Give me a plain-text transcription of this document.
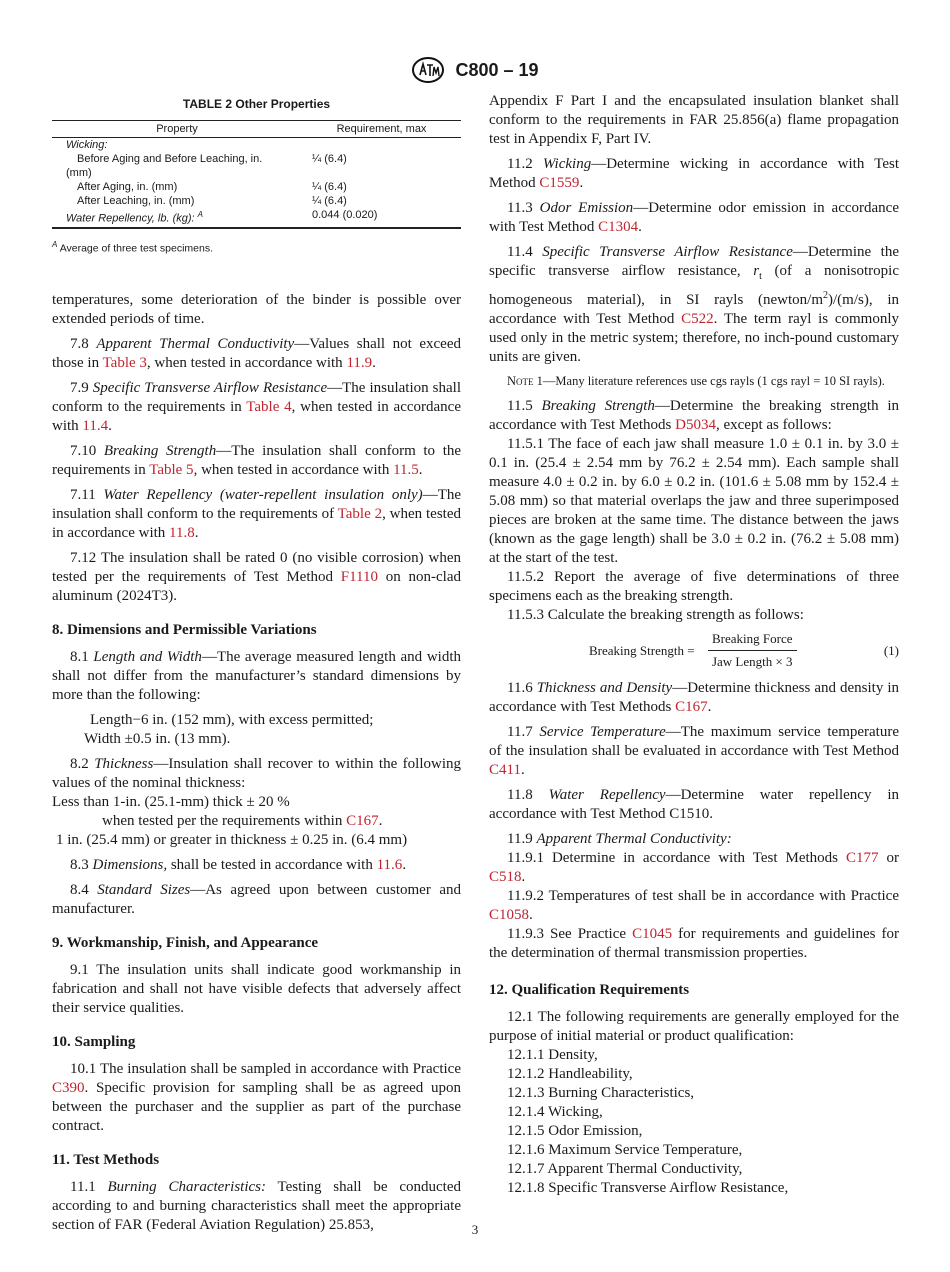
C800 – 19
TABLE 2 Other Properties
Property	Requirement, max
Wicking:	
Before Aging and Before Leaching, in.	¼ (6.4)
(mm)	
After Aging, in. (mm)	¼ (6.4)
After Leaching, in. (mm)	¼ (6.4)
Water Repellency, lb. (kg): $^A$	0.044 (0.020)
$^A$ Average of three test specimens.

temperatures, some deterioration of the binder is possible over extended periods of time.

7.8 Apparent Thermal Conductivity—Values shall not exceed those in Table 3, when tested in accordance with 11.9.

7.9 Specific Transverse Airflow Resistance—The insulation shall conform to the requirements in Table 4, when tested in accordance with 11.4.

7.10 Breaking Strength—The insulation shall conform to the requirements in Table 5, when tested in accordance with 11.5.

7.11 Water Repellency (water-repellent insulation only)—The insulation shall conform to the requirements of Table 2, when tested in accordance with 11.8.

7.12 The insulation shall be rated 0 (no visible corrosion) when tested per the requirements of Test Method F1110 on non-clad aluminum (2024T3).

8. Dimensions and Permissible Variations

8.1 Length and Width—The average measured length and width shall not differ from the manufacturer’s standard dimensions by more than the following:

Length−6 in. (152 mm), with excess permitted;
Width ±0.5 in. (13 mm).

8.2 Thickness—Insulation shall recover to within the following values of the nominal thickness:

Less than 1-in. (25.1-mm) thick ± 20 %
when tested per the requirements within C167.
1 in. (25.4 mm) or greater in thickness ± 0.25 in. (6.4 mm)

8.3 Dimensions, shall be tested in accordance with 11.6.

8.4 Standard Sizes—As agreed upon between customer and manufacturer.

9. Workmanship, Finish, and Appearance

9.1 The insulation units shall indicate good workmanship in fabrication and shall not have visible defects that adversely affect their service qualities.

10. Sampling

10.1 The insulation shall be sampled in accordance with Practice C390. Specific provision for sampling shall be as agreed upon between the purchaser and the supplier as part of the purchase contract.

11. Test Methods

11.1 Burning Characteristics: Testing shall be conducted according to and burning characteristics shall meet the appropriate section of FAR (Federal Aviation Regulation) 25.853,

Appendix F Part I and the encapsulated insulation blanket shall conform to the requirements in FAR 25.856(a) flame propagation test in Appendix F, Part IV.

11.2 Wicking—Determine wicking in accordance with Test Method C1559.

11.3 Odor Emission—Determine odor emission in accordance with Test Method C1304.

11.4 Specific Transverse Airflow Resistance—Determine the specific transverse airflow resistance, $r_t$ (of a nonisotropic homogeneous material), in SI rayls $(newton/m^2)/(m/s)$, in accordance with Test Method C522. The term rayl is commonly used only in the metric system; therefore, no inch-pound customary units are given.

Note 1—Many literature references use cgs rayls (1 cgs rayl = 10 SI rayls).

11.5 Breaking Strength—Determine the breaking strength in accordance with Test Methods D5034, except as follows:

11.5.1 The face of each jaw shall measure 1.0 ± 0.1 in. by 3.0 ± 0.1 in. (25.4 ± 2.54 mm by 76.2 ± 2.54 mm). Each sample shall measure 4.0 ± 0.2 in. by 6.0 ± 0.2 in. (101.6 ± 5.08 mm by 152.4 ± 5.08 mm) so that material overlaps the jaw and three superimposed pieces are broken at the same time. The distance between the jaws (known as the gage length) shall be 3.0 ± 0.2 in. (76.2 ± 5.08 mm) at the start of the test.

11.5.2 Report the average of five determinations of three specimens each as the breaking strength.

11.5.3 Calculate the breaking strength as follows:

Breaking Strength =
Breaking Force
Jaw Length × 3
(1)

11.6 Thickness and Density—Determine thickness and density in accordance with Test Methods C167.

11.7 Service Temperature—The maximum service temperature of the insulation shall be evaluated in accordance with Test Method C411.

11.8 Water Repellency—Determine water repellency in accordance with Test Method C1510.

11.9 Apparent Thermal Conductivity:

11.9.1 Determine in accordance with Test Methods C177 or C518.

11.9.2 Temperatures of test shall be in accordance with Practice C1058.

11.9.3 See Practice C1045 for requirements and guidelines for the determination of thermal transmission properties.

12. Qualification Requirements

12.1 The following requirements are generally employed for the purpose of initial material or product qualification:

12.1.1 Density,
12.1.2 Handleability,
12.1.3 Burning Characteristics,
12.1.4 Wicking,
12.1.5 Odor Emission,
12.1.6 Maximum Service Temperature,
12.1.7 Apparent Thermal Conductivity,
12.1.8 Specific Transverse Airflow Resistance,
3
